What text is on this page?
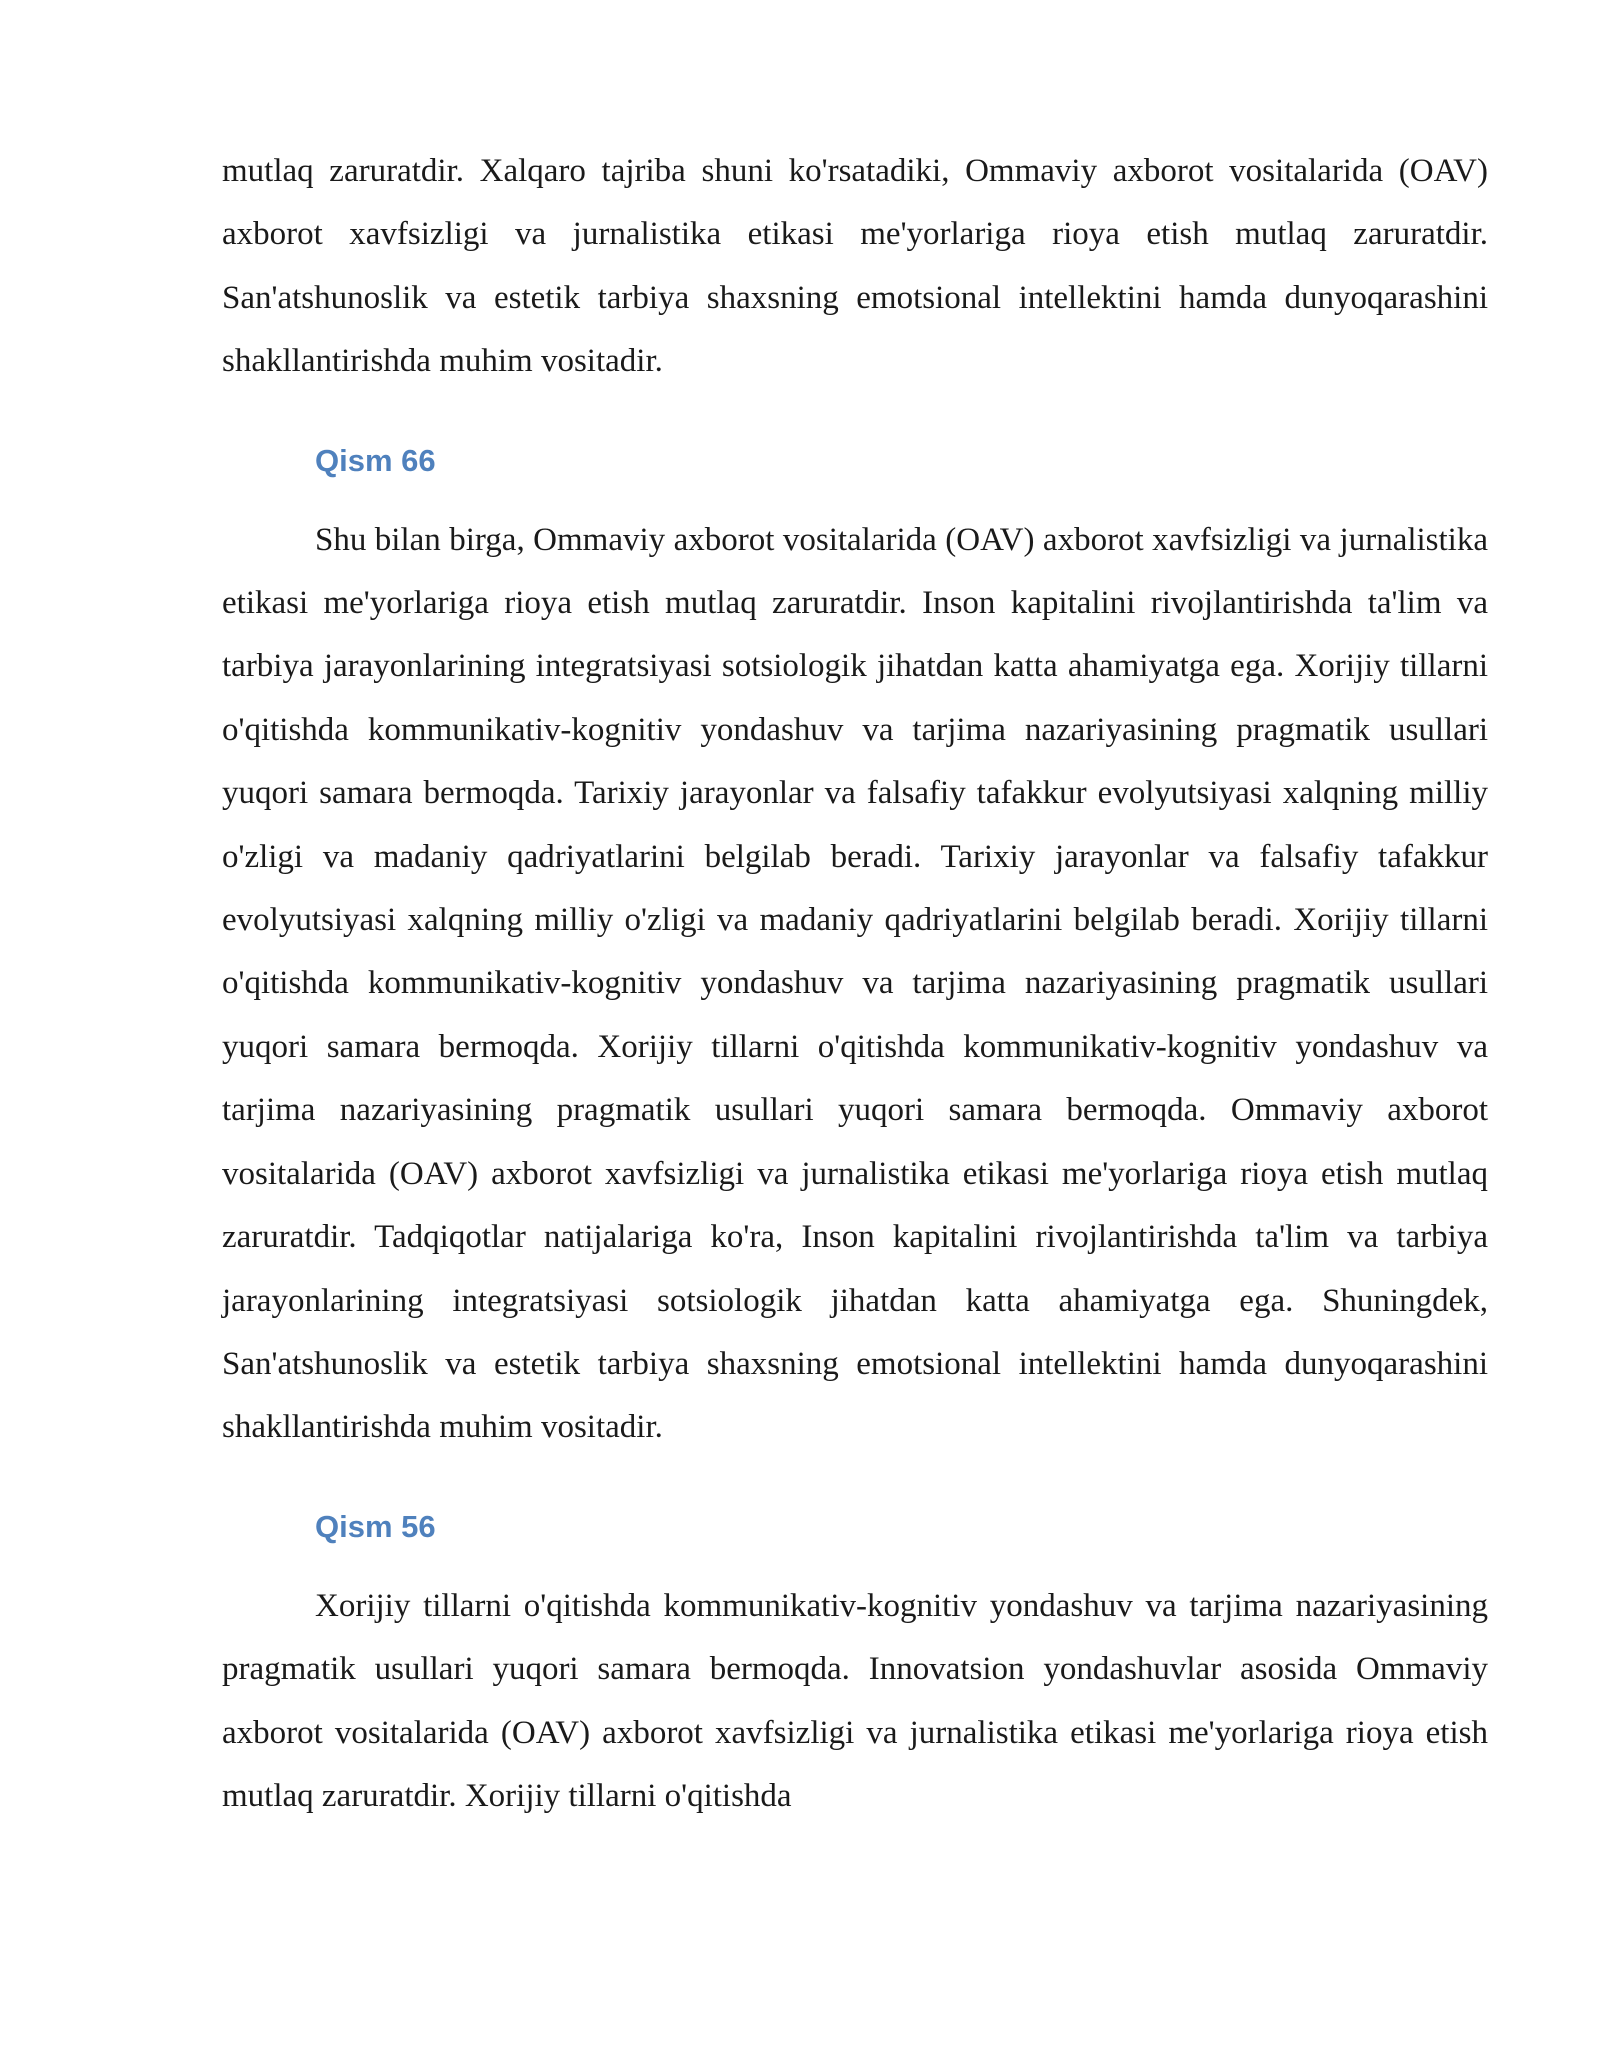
mutlaq zaruratdir. Xalqaro tajriba shuni ko'rsatadiki, Ommaviy axborot vositalarida (OAV) axborot xavfsizligi va jurnalistika etikasi me'yorlariga rioya etish mutlaq zaruratdir. San'atshunoslik va estetik tarbiya shaxsning emotsional intellektini hamda dunyoqarashini shakllantirishda muhim vositadir.

Qism 66

Shu bilan birga, Ommaviy axborot vositalarida (OAV) axborot xavfsizligi va jurnalistika etikasi me'yorlariga rioya etish mutlaq zaruratdir. Inson kapitalini rivojlantirishda ta'lim va tarbiya jarayonlarining integratsiyasi sotsiologik jihatdan katta ahamiyatga ega. Xorijiy tillarni o'qitishda kommunikativ-kognitiv yondashuv va tarjima nazariyasining pragmatik usullari yuqori samara bermoqda. Tarixiy jarayonlar va falsafiy tafakkur evolyutsiyasi xalqning milliy o'zligi va madaniy qadriyatlarini belgilab beradi. Tarixiy jarayonlar va falsafiy tafakkur evolyutsiyasi xalqning milliy o'zligi va madaniy qadriyatlarini belgilab beradi. Xorijiy tillarni o'qitishda kommunikativ-kognitiv yondashuv va tarjima nazariyasining pragmatik usullari yuqori samara bermoqda. Xorijiy tillarni o'qitishda kommunikativ-kognitiv yondashuv va tarjima nazariyasining pragmatik usullari yuqori samara bermoqda. Ommaviy axborot vositalarida (OAV) axborot xavfsizligi va jurnalistika etikasi me'yorlariga rioya etish mutlaq zaruratdir. Tadqiqotlar natijalariga ko'ra, Inson kapitalini rivojlantirishda ta'lim va tarbiya jarayonlarining integratsiyasi sotsiologik jihatdan katta ahamiyatga ega. Shuningdek, San'atshunoslik va estetik tarbiya shaxsning emotsional intellektini hamda dunyoqarashini shakllantirishda muhim vositadir.

Qism 56

Xorijiy tillarni o'qitishda kommunikativ-kognitiv yondashuv va tarjima nazariyasining pragmatik usullari yuqori samara bermoqda. Innovatsion yondashuvlar asosida Ommaviy axborot vositalarida (OAV) axborot xavfsizligi va jurnalistika etikasi me'yorlariga rioya etish mutlaq zaruratdir. Xorijiy tillarni o'qitishda
